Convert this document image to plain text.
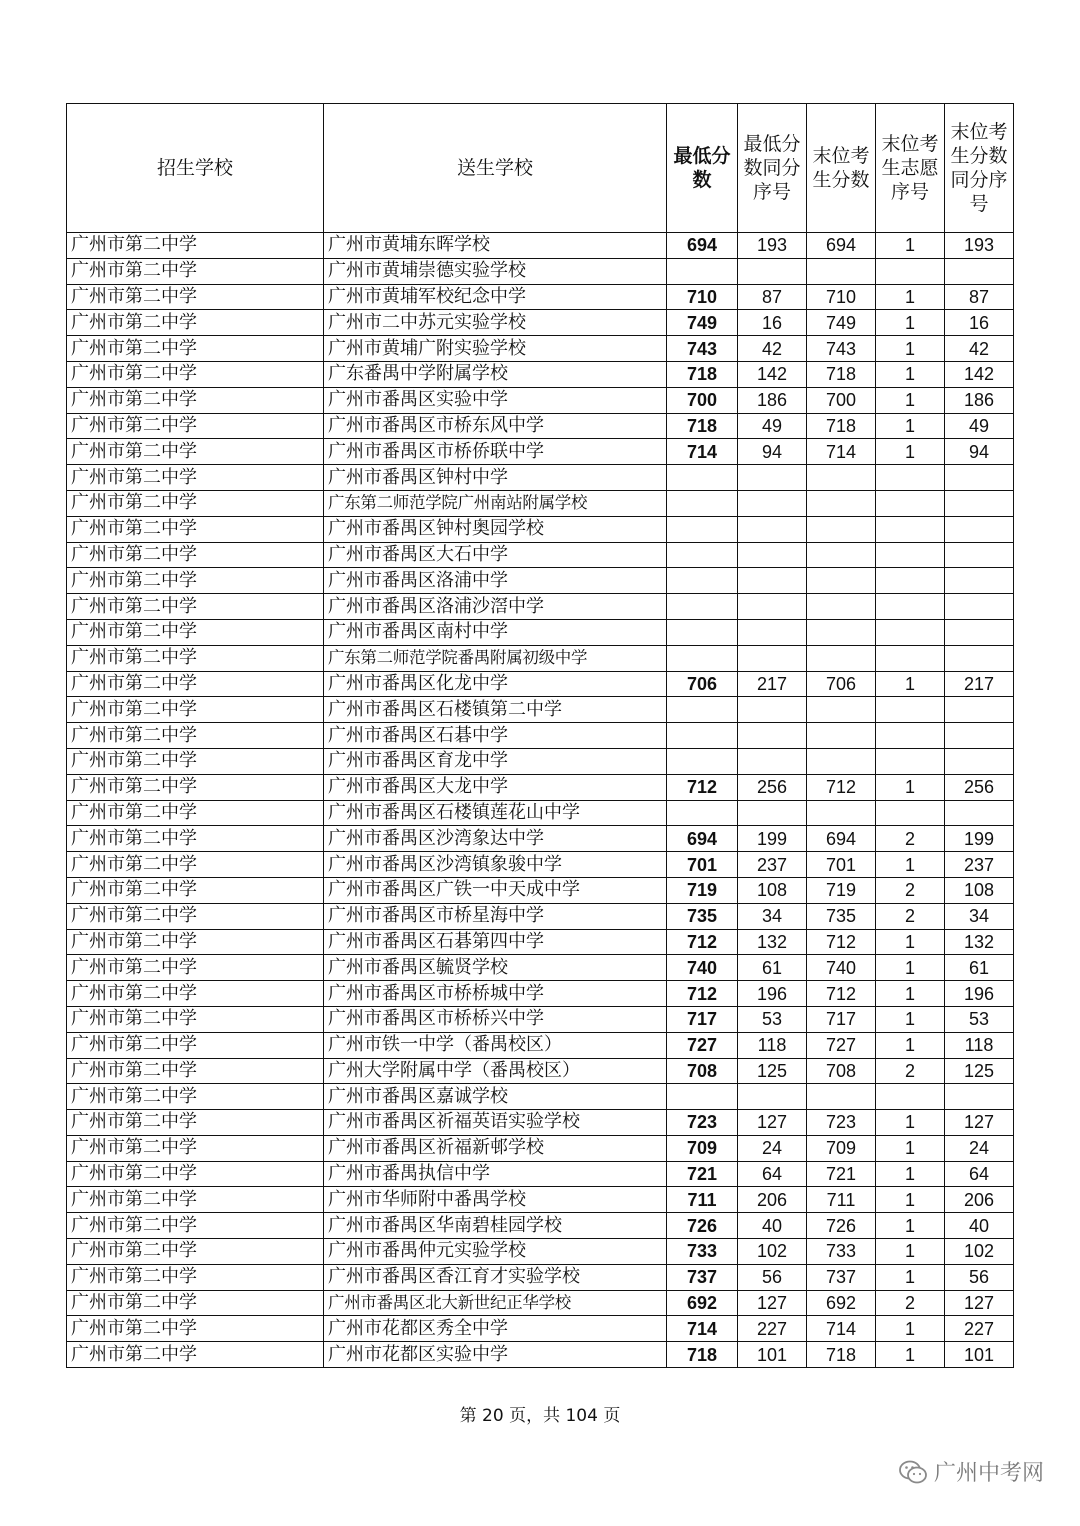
招生学校	送生学校	最低分数	最低分数同分序号	末位考生分数	末位考生志愿序号	末位考生分数同分序号
广州市第二中学	广州市黄埔东晖学校	694	193	694	1	193
广州市第二中学	广州市黄埔崇德实验学校					
广州市第二中学	广州市黄埔军校纪念中学	710	87	710	1	87
广州市第二中学	广州市二中苏元实验学校	749	16	749	1	16
广州市第二中学	广州市黄埔广附实验学校	743	42	743	1	42
广州市第二中学	广东番禺中学附属学校	718	142	718	1	142
广州市第二中学	广州市番禺区实验中学	700	186	700	1	186
广州市第二中学	广州市番禺区市桥东风中学	718	49	718	1	49
广州市第二中学	广州市番禺区市桥侨联中学	714	94	714	1	94
广州市第二中学	广州市番禺区钟村中学					
广州市第二中学	广东第二师范学院广州南站附属学校					
广州市第二中学	广州市番禺区钟村奥园学校					
广州市第二中学	广州市番禺区大石中学					
广州市第二中学	广州市番禺区洛浦中学					
广州市第二中学	广州市番禺区洛浦沙滘中学					
广州市第二中学	广州市番禺区南村中学					
广州市第二中学	广东第二师范学院番禺附属初级中学					
广州市第二中学	广州市番禺区化龙中学	706	217	706	1	217
广州市第二中学	广州市番禺区石楼镇第二中学					
广州市第二中学	广州市番禺区石碁中学					
广州市第二中学	广州市番禺区育龙中学					
广州市第二中学	广州市番禺区大龙中学	712	256	712	1	256
广州市第二中学	广州市番禺区石楼镇莲花山中学					
广州市第二中学	广州市番禺区沙湾象达中学	694	199	694	2	199
广州市第二中学	广州市番禺区沙湾镇象骏中学	701	237	701	1	237
广州市第二中学	广州市番禺区广铁一中天成中学	719	108	719	2	108
广州市第二中学	广州市番禺区市桥星海中学	735	34	735	2	34
广州市第二中学	广州市番禺区石碁第四中学	712	132	712	1	132
广州市第二中学	广州市番禺区毓贤学校	740	61	740	1	61
广州市第二中学	广州市番禺区市桥桥城中学	712	196	712	1	196
广州市第二中学	广州市番禺区市桥桥兴中学	717	53	717	1	53
广州市第二中学	广州市铁一中学（番禺校区）	727	118	727	1	118
广州市第二中学	广州大学附属中学（番禺校区）	708	125	708	2	125
广州市第二中学	广州市番禺区嘉诚学校					
广州市第二中学	广州市番禺区祈福英语实验学校	723	127	723	1	127
广州市第二中学	广州市番禺区祈福新邨学校	709	24	709	1	24
广州市第二中学	广州市番禺执信中学	721	64	721	1	64
广州市第二中学	广州市华师附中番禺学校	711	206	711	1	206
广州市第二中学	广州市番禺区华南碧桂园学校	726	40	726	1	40
广州市第二中学	广州市番禺仲元实验学校	733	102	733	1	102
广州市第二中学	广州市番禺区香江育才实验学校	737	56	737	1	56
广州市第二中学	广州市番禺区北大新世纪正华学校	692	127	692	2	127
广州市第二中学	广州市花都区秀全中学	714	227	714	1	227
广州市第二中学	广州市花都区实验中学	718	101	718	1	101
第 20 页，共 104 页
广州中考网
